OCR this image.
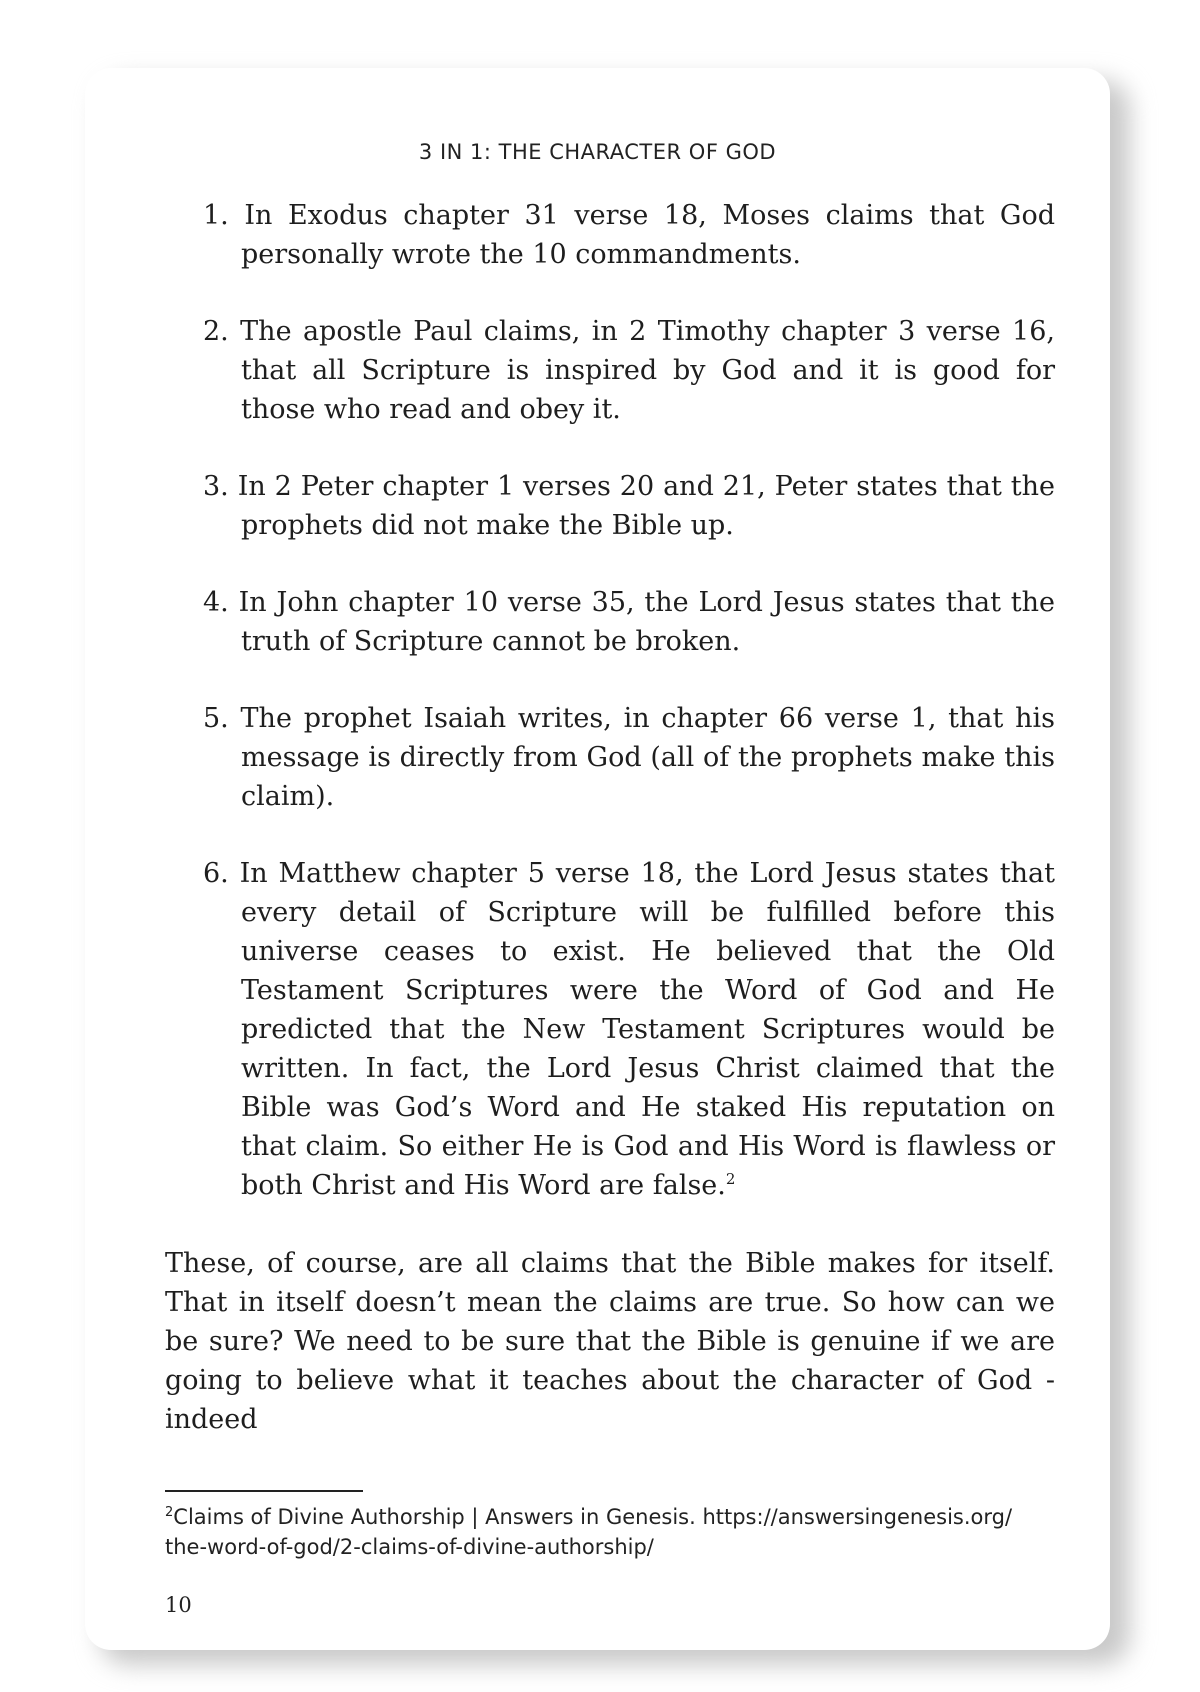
3 IN 1: THE CHARACTER OF GOD
1. In Exodus chapter 31 verse 18, Moses claims that God personally wrote the 10 commandments.
2. The apostle Paul claims, in 2 Timothy chapter 3 verse 16, that all Scripture is inspired by God and it is good for those who read and obey it.
3. In 2 Peter chapter 1 verses 20 and 21, Peter states that the prophets did not make the Bible up.
4. In John chapter 10 verse 35, the Lord Jesus states that the truth of Scripture cannot be broken.
5. The prophet Isaiah writes, in chapter 66 verse 1, that his message is directly from God (all of the prophets make this claim).
6. In Matthew chapter 5 verse 18, the Lord Jesus states that every detail of Scripture will be fulfilled before this universe ceases to exist. He believed that the Old Testament Scriptures were the Word of God and He predicted that the New Testament Scriptures would be written. In fact, the Lord Jesus Christ claimed that the Bible was God’s Word and He staked His reputation on that claim. So either He is God and His Word is flawless or both Christ and His Word are false.$^2$

These, of course, are all claims that the Bible makes for itself. That in itself doesn’t mean the claims are true. So how can we be sure? We need to be sure that the Bible is genuine if we are going to believe what it teaches about the character of God - indeed

$^2$Claims of Divine Authorship | Answers in Genesis. https://answersingenesis.org/ the-word-of-god/2-claims-of-divine-authorship/
10
